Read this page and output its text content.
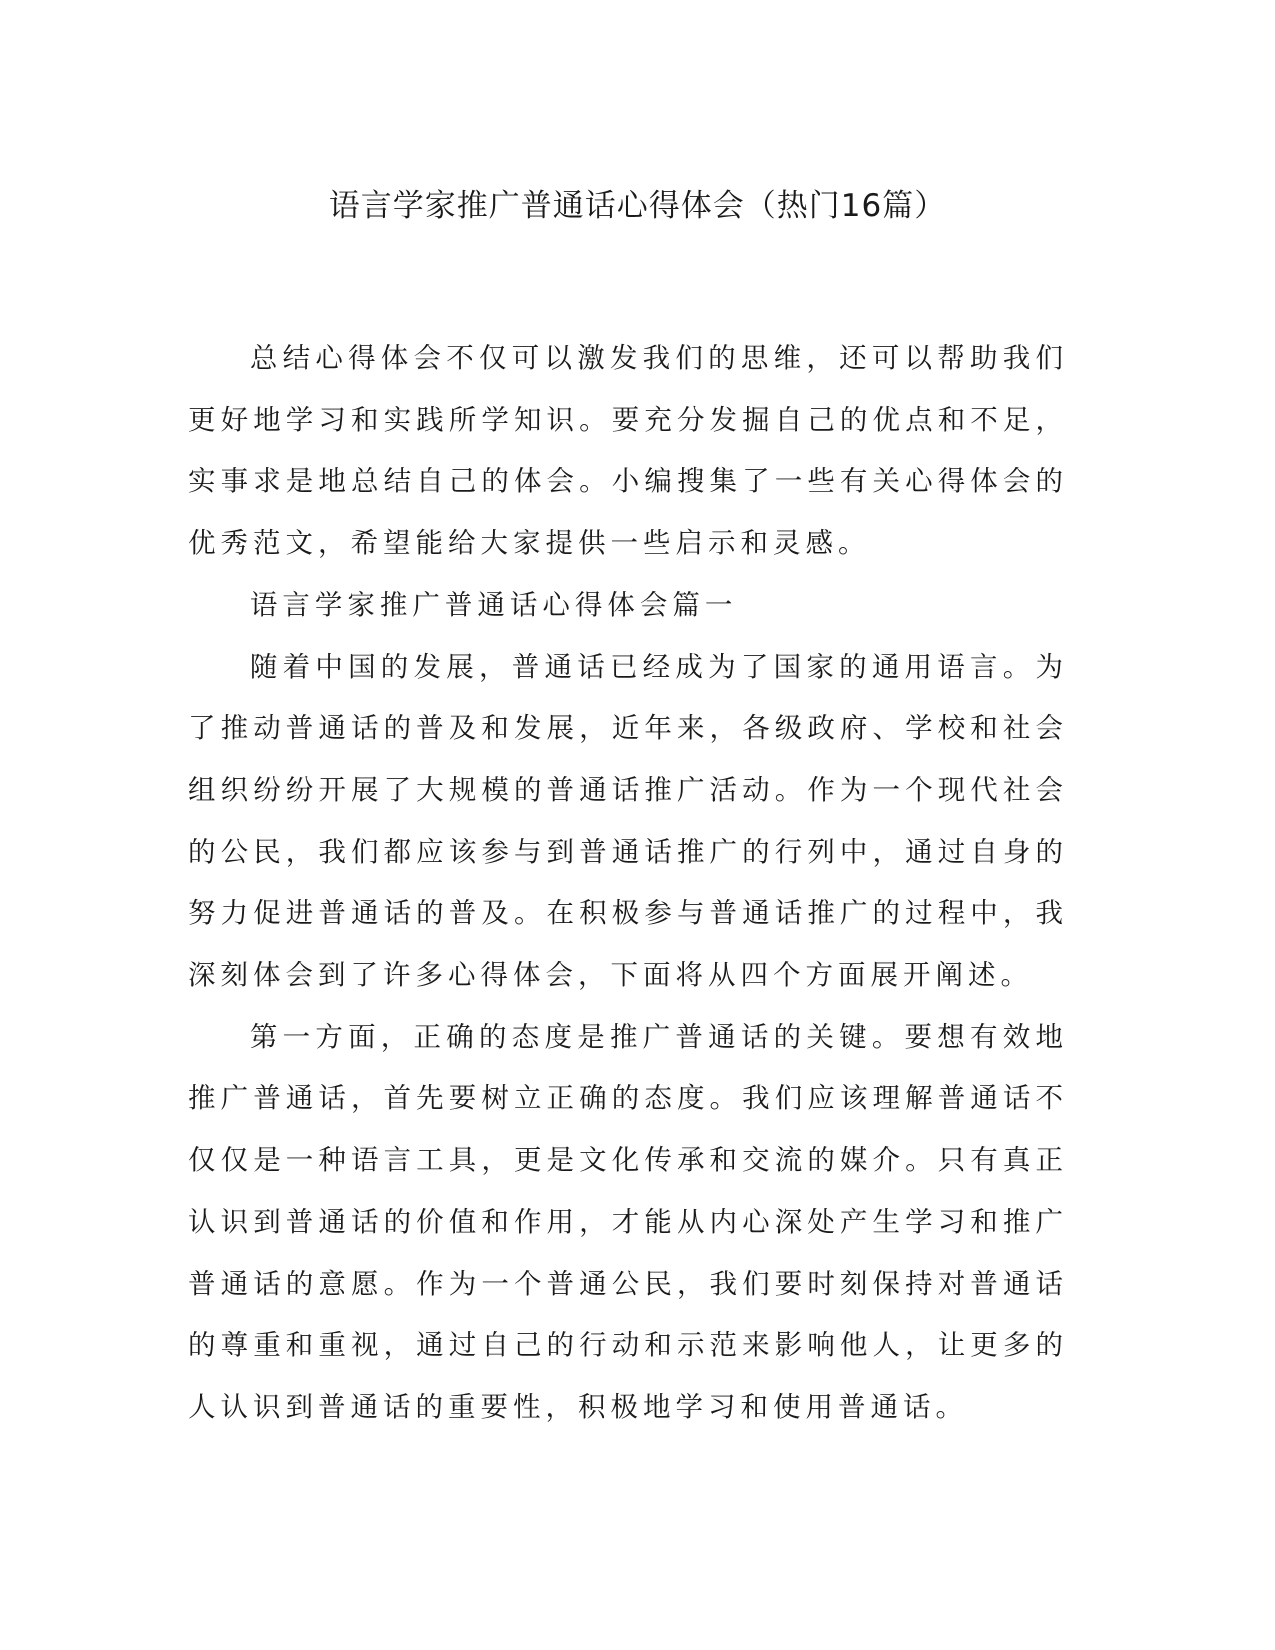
语言学家推广普通话心得体会（热门16篇）

总结心得体会不仅可以激发我们的思维，还可以帮助我们更好地学习和实践所学知识。要充分发掘自己的优点和不足，实事求是地总结自己的体会。小编搜集了一些有关心得体会的优秀范文，希望能给大家提供一些启示和灵感。

语言学家推广普通话心得体会篇一

随着中国的发展，普通话已经成为了国家的通用语言。为了推动普通话的普及和发展，近年来，各级政府、学校和社会组织纷纷开展了大规模的普通话推广活动。作为一个现代社会的公民，我们都应该参与到普通话推广的行列中，通过自身的努力促进普通话的普及。在积极参与普通话推广的过程中，我深刻体会到了许多心得体会，下面将从四个方面展开阐述。

第一方面，正确的态度是推广普通话的关键。要想有效地推广普通话，首先要树立正确的态度。我们应该理解普通话不仅仅是一种语言工具，更是文化传承和交流的媒介。只有真正认识到普通话的价值和作用，才能从内心深处产生学习和推广普通话的意愿。作为一个普通公民，我们要时刻保持对普通话的尊重和重视，通过自己的行动和示范来影响他人，让更多的人认识到普通话的重要性，积极地学习和使用普通话。
